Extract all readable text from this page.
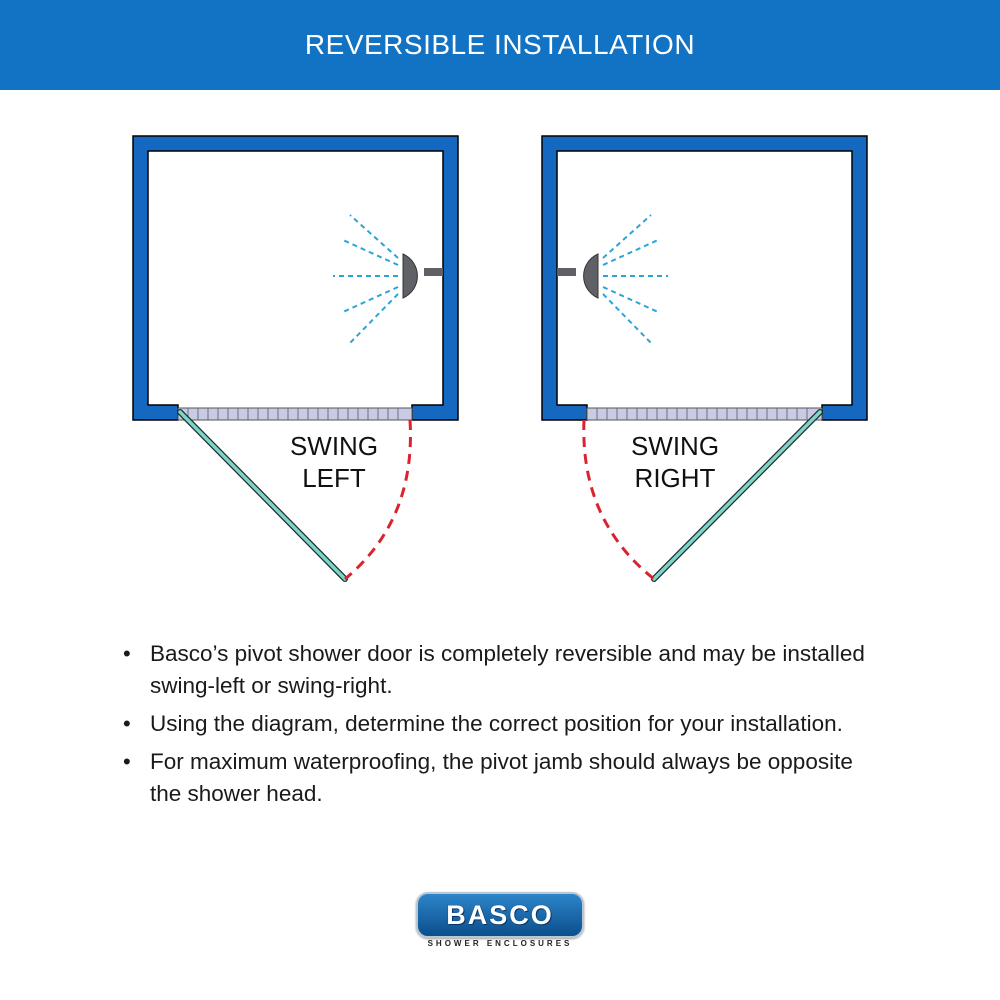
REVERSIBLE INSTALLATION
SWING
LEFT
SWING
RIGHT
• Basco’s pivot shower door is completely reversible and may be installed swing-left or swing-right.
• Using the diagram, determine the correct position for your installation.
• For maximum waterproofing, the pivot jamb should always be opposite the shower head.
BASCO
SHOWER ENCLOSURES
